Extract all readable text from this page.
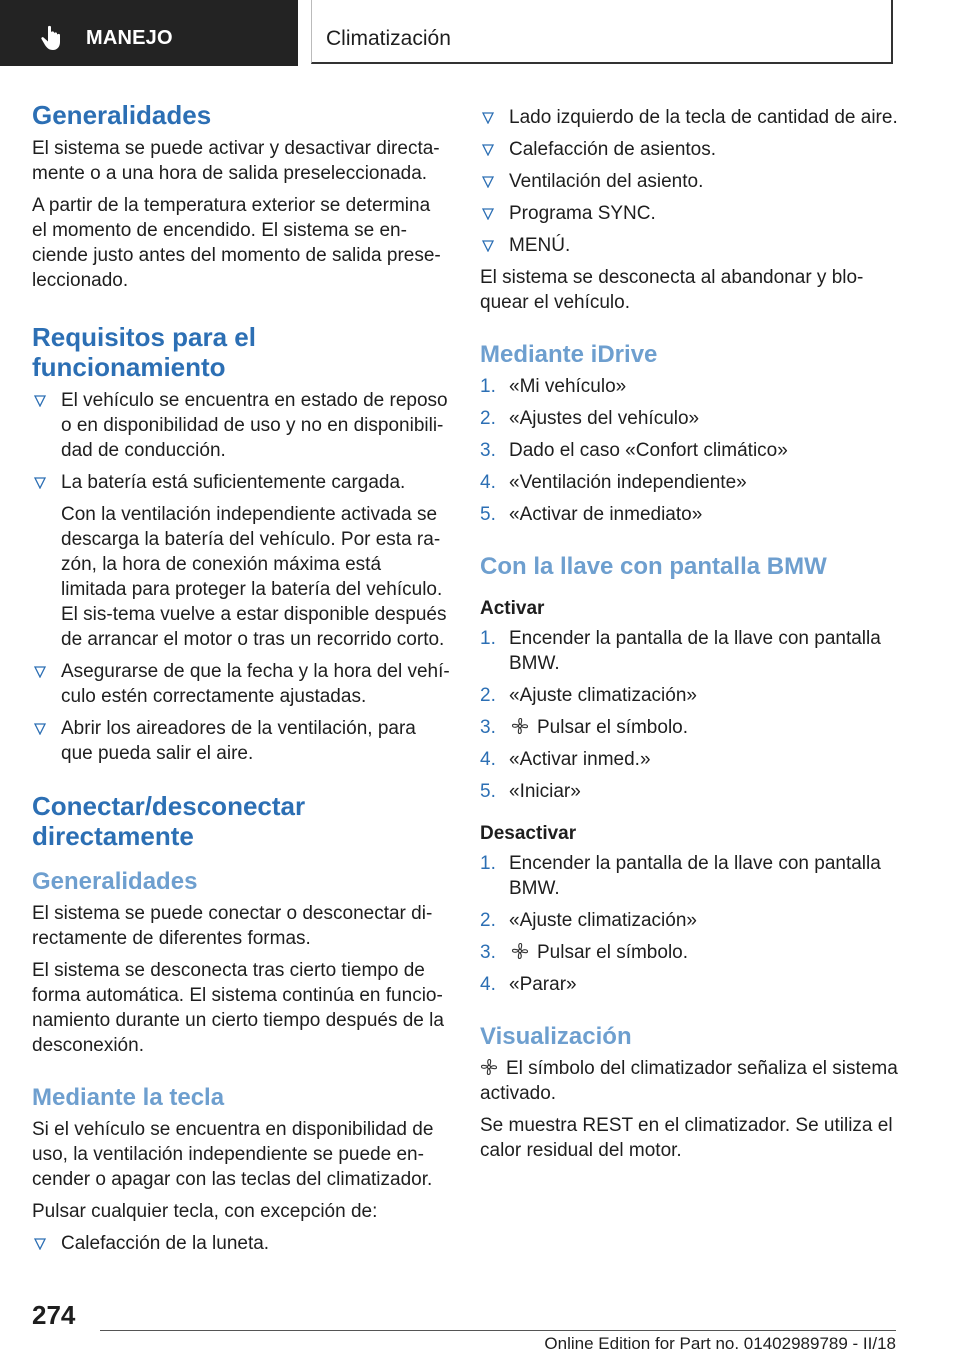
MANEJO	Climatización
Generalidades
El sistema se puede activar y desactivar directa-mente o a una hora de salida preseleccionada.
A partir de la temperatura exterior se determina el momento de encendido. El sistema se en-ciende justo antes del momento de salida prese-leccionado.
Requisitos para el funcionamiento
El vehículo se encuentra en estado de reposo o en disponibilidad de uso y no en disponibili-dad de conducción.
La batería está suficientemente cargada.
Con la ventilación independiente activada se descarga la batería del vehículo. Por esta ra-zón, la hora de conexión máxima está limitada para proteger la batería del vehículo. El sis-tema vuelve a estar disponible después de arrancar el motor o tras un recorrido corto.
Asegurarse de que la fecha y la hora del vehí-culo estén correctamente ajustadas.
Abrir los aireadores de la ventilación, para que pueda salir el aire.
Conectar/desconectar directamente
Generalidades
El sistema se puede conectar o desconectar di-rectamente de diferentes formas.
El sistema se desconecta tras cierto tiempo de forma automática. El sistema continúa en funcio-namiento durante un cierto tiempo después de la desconexión.
Mediante la tecla
Si el vehículo se encuentra en disponibilidad de uso, la ventilación independiente se puede en-cender o apagar con las teclas del climatizador.
Pulsar cualquier tecla, con excepción de:
Calefacción de la luneta.
Lado izquierdo de la tecla de cantidad de aire.
Calefacción de asientos.
Ventilación del asiento.
Programa SYNC.
MENÚ.
El sistema se desconecta al abandonar y blo-quear el vehículo.
Mediante iDrive
1. «Mi vehículo»
2. «Ajustes del vehículo»
3. Dado el caso «Confort climático»
4. «Ventilación independiente»
5. «Activar de inmediato»
Con la llave con pantalla BMW
Activar
1. Encender la pantalla de la llave con pantalla BMW.
2. «Ajuste climatización»
3. Pulsar el símbolo.
4. «Activar inmed.»
5. «Iniciar»
Desactivar
1. Encender la pantalla de la llave con pantalla BMW.
2. «Ajuste climatización»
3. Pulsar el símbolo.
4. «Parar»
Visualización
El símbolo del climatizador señaliza el sistema activado.
Se muestra REST en el climatizador. Se utiliza el calor residual del motor.
274
Online Edition for Part no. 01402989789 - II/18
